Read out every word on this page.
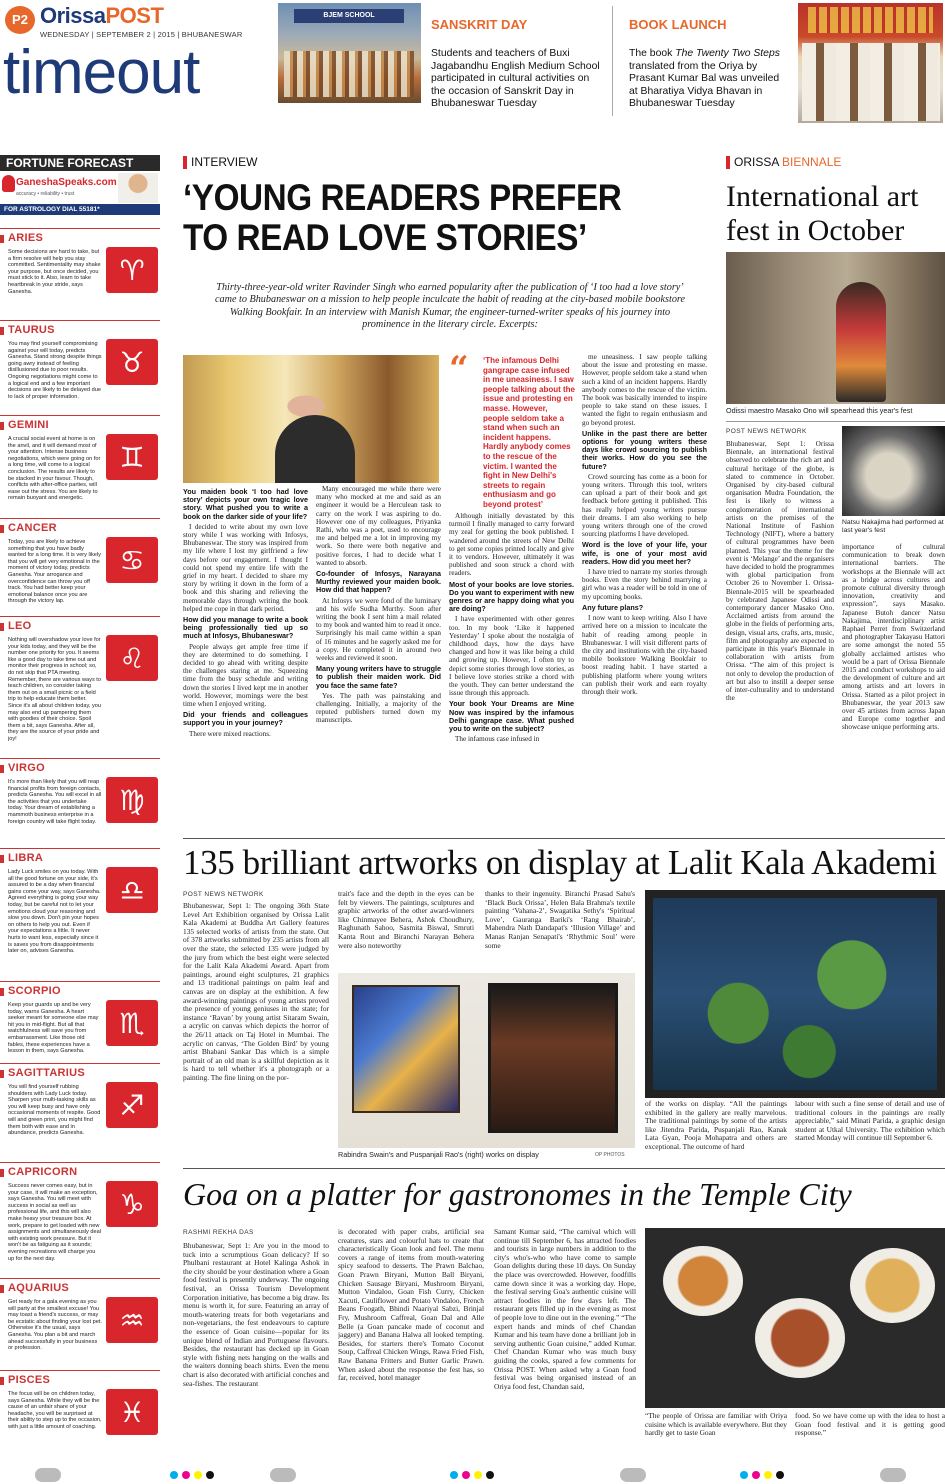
P2 OrissaPOST
WEDNESDAY | SEPTEMBER 2 | 2015 | BHUBANESWAR
timeout
BJEM SCHOOL
SANSKRIT DAY
Students and teachers of Buxi Jagabandhu English Medium School participated in cultural activities on the occasion of Sanskrit Day in Bhubaneswar Tuesday
BOOK LAUNCH
The book The Twenty Two Steps translated from the Oriya by Prasant Kumar Bal was unveiled at Bharatiya Vidya Bhavan in Bhubaneswar Tuesday
FORTUNE FORECAST
GaneshaSpeaks.com
accuracy • reliability • trust
FOR ASTROLOGY DIAL 55181*
ARIES
Some decisions are hard to take, but a firm resolve will help you stay committed. Sentimentality may shake your purpose, but once decided, you must stick to it. Also, learn to take heartbreak in your stride, says Ganesha.
♈
TAURUS
You may find yourself compromising against your will today, predicts Ganesha. Stand strong despite things going awry instead of feeling disillusioned due to poor results. Ongoing negotiations might come to a logical end and a few important decisions are likely to be delayed due to lack of proper information.
♉
GEMINI
A crucial social event at home is on the anvil, and it will demand most of your attention. Intense business negotiations, which were going on for a long time, will come to a logical conclusion. The results are likely to be stacked in your favour. Though, conflicts with after-office parties, will ease out the stress. You are likely to remain buoyant and energetic.
♊
CANCER
Today, you are likely to achieve something that you have badly wanted for a long time. It is very likely that you will get very emotional in the moment of victory today, predicts Ganesha. Your arrogance and overconfidence can throw you off track. You had better keep your emotional balance once you are through the victory lap.
♋
LEO
Nothing will overshadow your love for your kids today, and they will be the number one priority for you. It seems like a good day to take time out and monitor their progress in school; so, do not skip that PTA meeting. Remember, there are various ways to teach children, so consider taking them out on a small picnic or a field trip to help educate them better. Since it's all about children today, you may also end up pampering them with goodies of their choice. Spoil them a bit, says Ganesha. After all, they are the source of your pride and joy!
♌
VIRGO
It's more than likely that you will reap financial profits from foreign contacts, predicts Ganesha. You will excel in all the activities that you undertake today. Your dream of establishing a mammoth business enterprise in a foreign country will take flight today.
♍
LIBRA
Lady Luck smiles on you today. With all the good fortune on your side, it's assured to be a day when financial gains come your way, says Ganesha. Agreed everything is going your way today, but be careful not to let your emotions cloud your reasoning and slow you down. Don't pin your hopes on others to help you out. Even if your expectations a little. It never hurts to want less, especially since it is saves you from disappointments later on, advises Ganesha.
♎
SCORPIO
Keep your guards up and be very today, warns Ganesha. A heart seeker meant for someone else may hit you in mid-flight. But all that watchfulness will save you from embarrassment. Like those old fables, these experiences have a lesson in them, says Ganesha.
♏
SAGITTARIUS
You will find yourself rubbing shoulders with Lady Luck today. Sharpen your multi-tasking skills as you will keep busy and have only occasional moments of respite. Good will and green print, you might find them both with ease and in abundance, predicts Ganesha.
♐
CAPRICORN
Success never comes easy, but in your case, it will make an exception, says Ganesha. You will meet with success in social as well as professional life, and this will also make heavy your treasure box. At work, prepare to get loaded with new assignments and simultaneously deal with existing work pressure. But it won't be as fatiguing as it sounds; evening recreations will charge you up for the next day.
♑
AQUARIUS
Get ready for a gala evening as you will party at the smallest excuse! You may toast a friend's success, or may be ecstatic about finding your lost pet. Otherwise it's the usual, says Ganesha. You plan a bit and march ahead successfully in your business or profession.
♒
PISCES
The focus will be on children today, says Ganesha. While they will be the cause of an unfair share of your headache, you will be surprised at their ability to step up to the occasion, with just a little amount of coaching. ♓
INTERVIEW
‘YOUNG READERS PREFER
TO READ LOVE STORIES’
Thirty-three-year-old writer Ravinder Singh who earned popularity after the publication of ‘I too had a love story’ came to Bhubaneswar on a mission to help people inculcate the habit of reading at the city-based mobile bookstore Walking Bookfair. In an interview with Manish Kumar, the engineer-turned-writer speaks of his journey into prominence in the literary circle. Excerpts:
“ ‘The infamous Delhi gangrape case infused in me uneasiness. I saw people talking about the issue and protesting en masse. However, people seldom take a stand when such an incident happens. Hardly anybody comes to the rescue of the victim. I wanted the fight in New Delhi's streets to regain enthusiasm and go beyond protest’

You maiden book ‘I too had love story’ depicts your own tragic love story. What pushed you to write a book on the darker side of your life?

I decided to write about my own love story while I was working with Infosys, Bhubaneswar. The story was inspired from my life where I lost my girlfriend a few days before our engagement. I thought I could not spend my entire life with the grief in my heart. I decided to share my story by writing it down in the form of a book and this sharing and relieving the memorable days through writing the book helped me cope in that dark period.

How did you manage to write a book being professionally tied up so much at Infosys, Bhubaneswar?

People always get ample free time if they are determined to do something. I decided to go ahead with writing despite the challenges staring at me. Squeezing time from the busy schedule and writing down the stories I lived kept me in another world. However, mornings were the best time when I enjoyed writing.

Did your friends and colleagues support you in your journey?

There were mixed reactions.

Many encouraged me while there were many who mocked at me and said as an engineer it would be a Herculean task to carry on the work I was aspiring to do. However one of my colleagues, Priyanka Rathi, who was a poet, used to encourage me and helped me a lot in improving my work. So there were both negative and positive forces, I had to decide what I wanted to absorb.

Co-founder of Infosys, Narayana Murthy reviewed your maiden book. How did that happen?

At Infosys we were fond of the luminary and his wife Sudha Murthy. Soon after writing the book I sent him a mail related to my book and wanted him to read it once. Surprisingly his mail came within a span of 16 minutes and he eagerly asked me for a copy. He completed it in around two weeks and reviewed it soon.

Many young writers have to struggle to publish their maiden work. Did you face the same fate?

Yes. The path was painstaking and challenging. Initially, a majority of the reputed publishers turned down my manuscripts.

Although initially devastated by this turmoil I finally managed to carry forward my zeal for getting the book published. I wandered around the streets of New Delhi to get some copies printed locally and give it to vendors. However, ultimately it was published and soon struck a chord with readers.

Most of your books are love stories. Do you want to experiment with new genres or are happy doing what you are doing?

I have experimented with other genres too. In my book ‘Like it happened Yesterday’ I spoke about the nostalgia of childhood days, how the days have changed and how it was like being a child and growing up. However, I often try to depict some stories through love stories, as I believe love stories strike a chord with the youth. They can better understand the issue through this approach.

Your book Your Dreams are Mine Now was inspired by the infamous Delhi gangrape case. What pushed you to write on the subject?

The infamous case infused in

me uneasiness. I saw people talking about the issue and protesting en masse. However, people seldom take a stand when such a kind of an incident happens. Hardly anybody comes to the rescue of the victim. The book was basically intended to inspire people to take stand on these issues. I wanted the fight to regain enthusiasm and go beyond protest.

Unlike in the past there are better options for young writers these days like crowd sourcing to publish their works. How do you see the future?

Crowd sourcing has come as a boon for young writers. Through this tool, writers can upload a part of their book and get feedback before getting it published. This has really helped young writers pursue their dreams. I am also working to help young writers through one of the crowd sourcing platforms I have developed.

Word is the love of your life, your wife, is one of your most avid readers. How did you meet her?

I have tried to narrate my stories through books. Even the story behind marrying a girl who was a reader will be told in one of my upcoming books.

Any future plans?

I now want to keep writing. Also I have arrived here on a mission to inculcate the habit of reading among people in Bhubaneswar. I will visit different parts of the city and institutions with the city-based mobile bookstore Walking Bookfair to boost reading habit. I have started a publishing platform where young writers can publish their work and earn royalty through their work.

ORISSA BIENNALE
International art fest in October
Odissi maestro Masako Ono will spearhead this year's fest
POST NEWS NETWORK
Natsu Nakajima had performed at last year's fest
Bhubaneswar, Sept 1: Orissa Biennale, an international festival observed to celebrate the rich art and cultural heritage of the globe, is slated to commence in October. Organised by city-based cultural organisation Mudra Foundation, the fest is likely to witness a conglomeration of international artists on the premises of the National Institute of Fashion Technology (NIFT), where a battery of cultural programmes have been planned. This year the theme for the event is ‘Melange’ and the organisers have decided to hold the programmes with global participation from October 26 to November 1. Orissa-Biennale-2015 will be spearheaded by celebrated Japanese Odissi and contemporary dancer Masako Ono. Acclaimed artists from around the globe in the fields of performing arts, design, visual arts, crafts, arts, music, film and photography are expected to participate in this year's Biennale in collaboration with artists from Orissa. “The aim of this project is not only to develop the production of art but also to instill a deeper sense of inter-culturality and to understand the
importance of cultural communication to break down international barriers. The workshops at the Biennale will act as a bridge across cultures and promote cultural diversity through innovation, creativity and expression”, says Masako. Japanese Butoh dancer Natsu Nakajima, interdisciplinary artist Raphael Perret from Switzerland and photographer Takayasu Hattori are some amongst the noted 55 globally acclaimed artistes who would be a part of Orissa Biennale 2015 and conduct workshops to aid the development of culture and art among artists and art lovers in Orissa. Started as a pilot project in Bhubaneswar, the year 2013 saw over 45 artistes from across Japan and Europe come together and showcase unique performing arts.
135 brilliant artworks on display at Lalit Kala Akademi
POST NEWS NETWORK
Bhubaneswar, Sept 1: The ongoing 36th State Level Art Exhibition organised by Orissa Lalit Kala Akademi at Buddha Art Gallery features 135 selected works of artists from the state. Out of 378 artworks submitted by 235 artists from all over the state, the selected 135 were judged by the jury from which the best eight were selected for the Lalit Kala Akademi Award. Apart from paintings, around eight sculptures, 21 graphics and 13 traditional paintings on palm leaf and canvas are on display at the exhibition. A few award-winning paintings of young artists proved the presence of young geniuses in the state; for instance ‘Ravan’ by young artist Sitaram Swain, a acrylic on canvas which depicts the horror of the 26/11 attack on Taj Hotel in Mumbai. The acrylic on canvas, ‘The Golden Bird’ by young artist Bhabani Sankar Das which is a simple portrait of an old man is a skillful depiction as it is hard to tell whether it's a photograph or a painting. The fine lining on the por-
trait's face and the depth in the eyes can be felt by viewers. The paintings, sculptures and graphic artworks of the other award-winners like Chinmayee Behera, Ashok Choudhury, Raghunath Sahoo, Sasmita Biswal, Smruti Kanta Rout and Biranchi Narayan Behera were also noteworthy
thanks to their ingenuity. Biranchi Prasad Sahu's ‘Black Buck Orissa’, Helen Bala Brahma's textile painting ‘Vahana-2’, Swagatika Sethy's ‘Spiritual Love’, Gauranga Bariki's ‘Rang Bhairab’, Mahendra Nath Dandapat's ‘Illusion Village’ and Manas Ranjan Senapati's ‘Rhythmic Soul’ were some
Rabindra Swain's and Puspanjali Rao's (right) works on display	OP PHOTOS
of the works on display. “All the paintings exhibited in the gallery are really marvelous. The traditional paintings by some of the artists like Jitendra Parida, Puspanjali Rao, Kanak Lata Gyan, Pooja Mohapatra and others are exceptional. The outcome of hard
labour with such a fine sense of detail and use of traditional colours in the paintings are really appreciable,” said Minati Parida, a graphic design student at Utkal University. The exhibition which started Monday will continue till September 6.
Goa on a platter for gastronomes in the Temple City
RASHMI REKHA DAS
Bhubaneswar, Sept 1: Are you in the mood to tuck into a scrumptious Goan delicacy? If so Phulbani restaurant at Hotel Kalinga Ashok in the city should be your destination where a Goan food festival is presently underway. The ongoing festival, an Orissa Tourism Development Corporation initiative, has become a big draw. Its menu is worth it, for sure. Featuring an array of mouth-watering treats for both vegetarians and non-vegetarians, the fest endeavours to capture the essence of Goan cuisine—popular for its unique blend of Indian and Portuguese flavours. Besides, the restaurant has decked up in Goan style with fishing nets hanging on the walls and the waiters donning beach shirts. Even the menu chart is also decorated with artificial conches and sea-fishes. The restaurant
is decorated with paper crabs, artificial sea creatures, stars and colourful hats to create that characteristically Goan look and feel. The menu covers a range of items from mouth-watering spicy seafood to desserts. The Prawn Balchao, Goan Prawn Biryani, Mutton Ball Biryani, Chicken Sausage Biryani, Mushroom Biryani, Mutton Vindaloo, Goan Fish Curry, Chicken Xacuti, Cauliflower and Potato Vindaloo, French Beans Foogath, Bhindi Naariyal Sabzi, Brinjal Fry, Mushroom Caffreal, Goan Dal and Alle Belle (a Goan pancake made of coconut and jaggery) and Banana Halwa all looked tempting. Besides, for starters there's Tomato Coconut Soup, Caffreal Chicken Wings, Rawa Fried Fish, Raw Banana Fritters and Butter Garlic Prawn. When asked about the response the fest has, so far, received, hotel manager
Samant Kumar said, “The carnival which will continue till September 6, has attracted foodies and tourists in large numbers in addition to the city's who's-who who have come to sample Goan delights during these 10 days. On Sunday the place was overcrowded. However, foodfills came down since it was a working day. Hope, the festival serving Goa's authentic cuisine will attract foodies in the few days left. The restaurant gets filled up in the evening as most of people love to dine out in the evening.” “The expert hands and minds of chef Chandan Kumar and his team have done a brilliant job in serving authentic Goan cuisine,” added Kumar. Chef Chandan Kumar who was much busy guiding the cooks, spared a few comments for Orissa POST. When asked why a Goan food festival was being organised instead of an Oriya food fest, Chandan said,
“The people of Orissa are familiar with Oriya cuisine which is available everywhere. But they hardly get to taste Goan
food. So we have come up with the idea to host a Goan food festival and it is getting good response.”
